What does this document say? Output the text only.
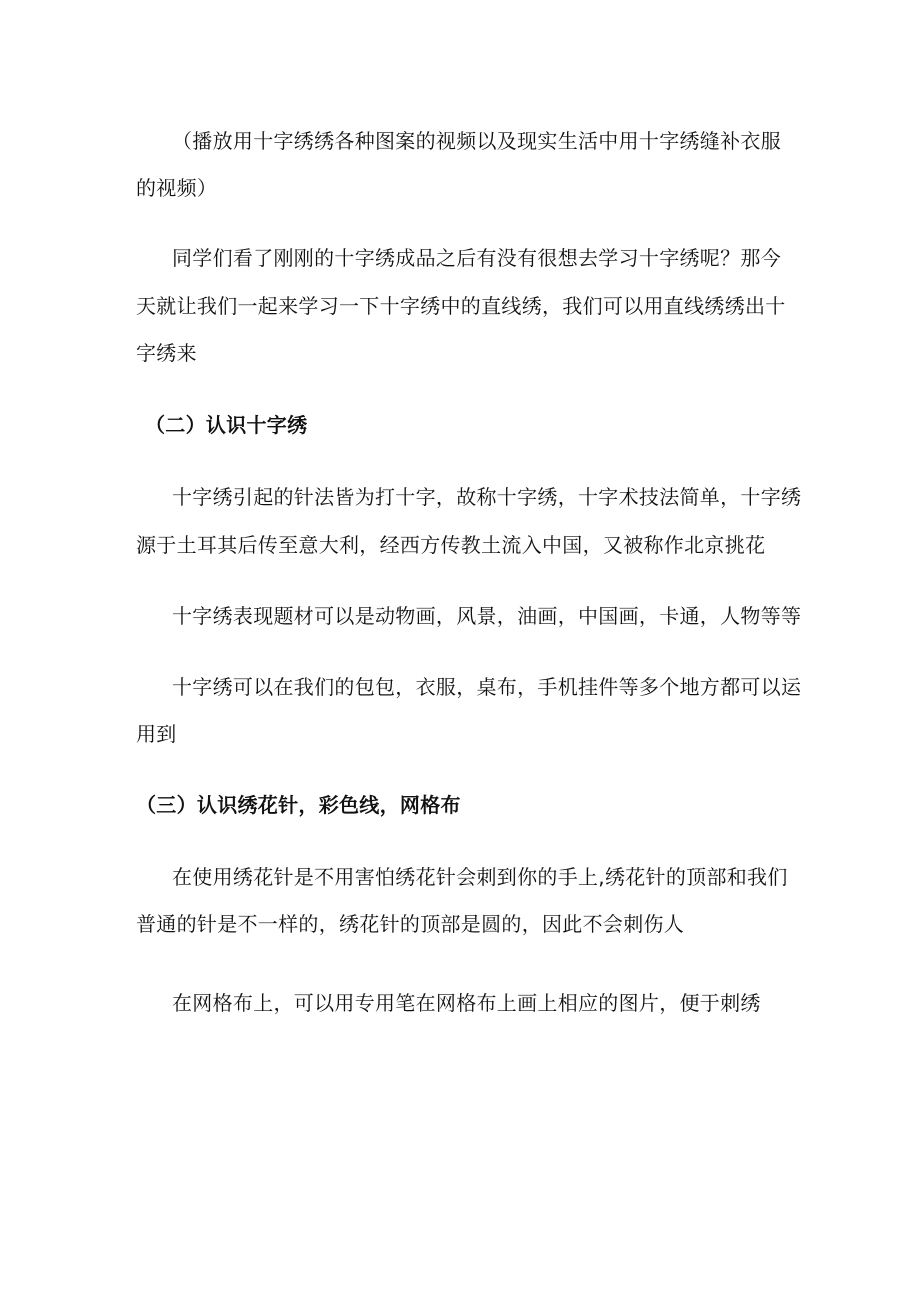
（播放用十字绣绣各种图案的视频以及现实生活中用十字绣缝补衣服
的视频）
同学们看了刚刚的十字绣成品之后有没有很想去学习十字绣呢？那今
天就让我们一起来学习一下十字绣中的直线绣，我们可以用直线绣绣出十
字绣来
（二）认识十字绣
十字绣引起的针法皆为打十字，故称十字绣，十字术技法简单，十字绣
源于土耳其后传至意大利，经西方传教土流入中国，又被称作北京挑花
十字绣表现题材可以是动物画，风景，油画，中国画，卡通，人物等等
十字绣可以在我们的包包，衣服，桌布，手机挂件等多个地方都可以运
用到
（三）认识绣花针，彩色线，网格布
在使用绣花针是不用害怕绣花针会刺到你的手上,绣花针的顶部和我们
普通的针是不一样的，绣花针的顶部是圆的，因此不会刺伤人
在网格布上，可以用专用笔在网格布上画上相应的图片，便于刺绣
